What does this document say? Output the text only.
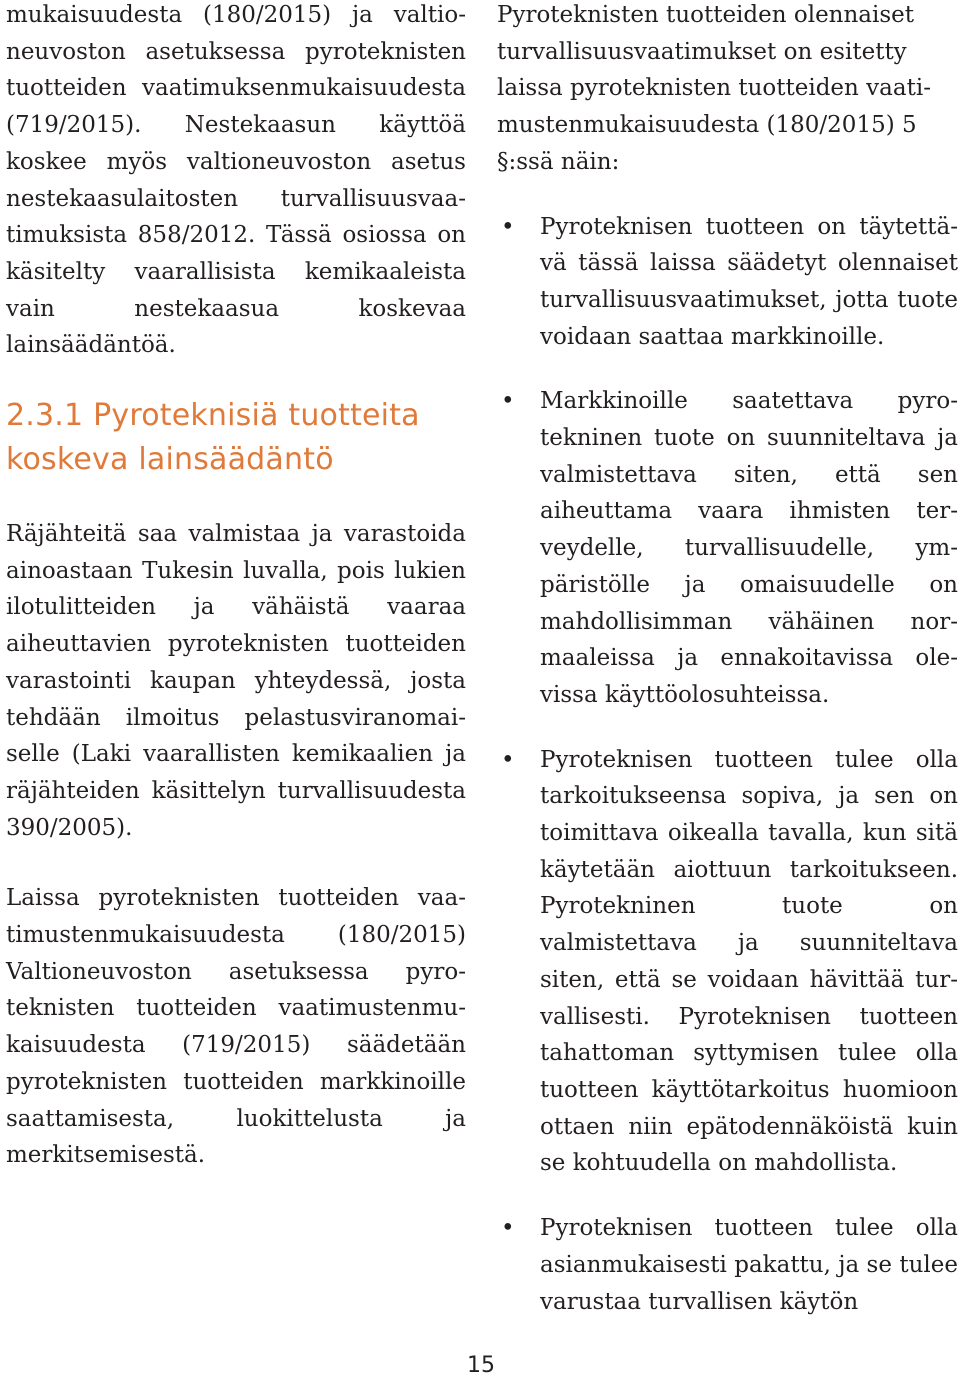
mukaisuudesta (180/2015) ja valtioneuvoston asetuksessa pyroteknisten tuotteiden vaatimuksenmukaisuudesta (719/2015). Nestekaasun käyttöä koskee myös valtioneuvoston asetus nestekaasulaitosten turvallisuusvaatimuksista 858/2012. Tässä osiossa on käsitelty vaarallisista kemikaaleista vain nestekaasua koskevaa lainsäädäntöä.

2.3.1 Pyroteknisiä tuotteita koskeva lainsäädäntö

Räjähteitä saa valmistaa ja varastoida ainoastaan Tukesin luvalla, pois lukien ilotulitteiden ja vähäistä vaaraa aiheuttavien pyroteknisten tuotteiden varastointi kaupan yhteydessä, josta tehdään ilmoitus pelastusviranomaiselle (Laki vaarallisten kemikaalien ja räjähteiden käsittelyn turvallisuudesta 390/2005).

Laissa pyroteknisten tuotteiden vaatimustenmukaisuudesta (180/2015) Valtioneuvoston asetuksessa pyroteknisten tuotteiden vaatimustenmukaisuudesta (719/2015) säädetään pyroteknisten tuotteiden markkinoille saattamisesta, luokittelusta ja merkitsemisestä.

Pyroteknisten tuotteiden olennaiset turvallisuusvaatimukset on esitetty laissa pyroteknisten tuotteiden vaatimustenmukaisuudesta (180/2015) 5 §:ssä näin:

• Pyroteknisen tuotteen on täytettävä tässä laissa säädetyt olennaiset turvallisuusvaatimukset, jotta tuote voidaan saattaa markkinoille.

• Markkinoille saatettava pyrotekninen tuote on suunniteltava ja valmistettava siten, että sen aiheuttama vaara ihmisten terveydelle, turvallisuudelle, ympäristölle ja omaisuudelle on mahdollisimman vähäinen normaaleissa ja ennakoitavissa olevissa käyttöolosuhteissa.

• Pyroteknisen tuotteen tulee olla tarkoitukseensa sopiva, ja sen on toimittava oikealla tavalla, kun sitä käytetään aiottuun tarkoitukseen. Pyrotekninen tuote on valmistettava ja suunniteltava siten, että se voidaan hävittää turvallisesti. Pyroteknisen tuotteen tahattoman syttymisen tulee olla tuotteen käyttötarkoitus huomioon ottaen niin epätodennäköistä kuin se kohtuudella on mahdollista.

• Pyroteknisen tuotteen tulee olla asianmukaisesti pakattu, ja se tulee varustaa turvallisen käytön

15
